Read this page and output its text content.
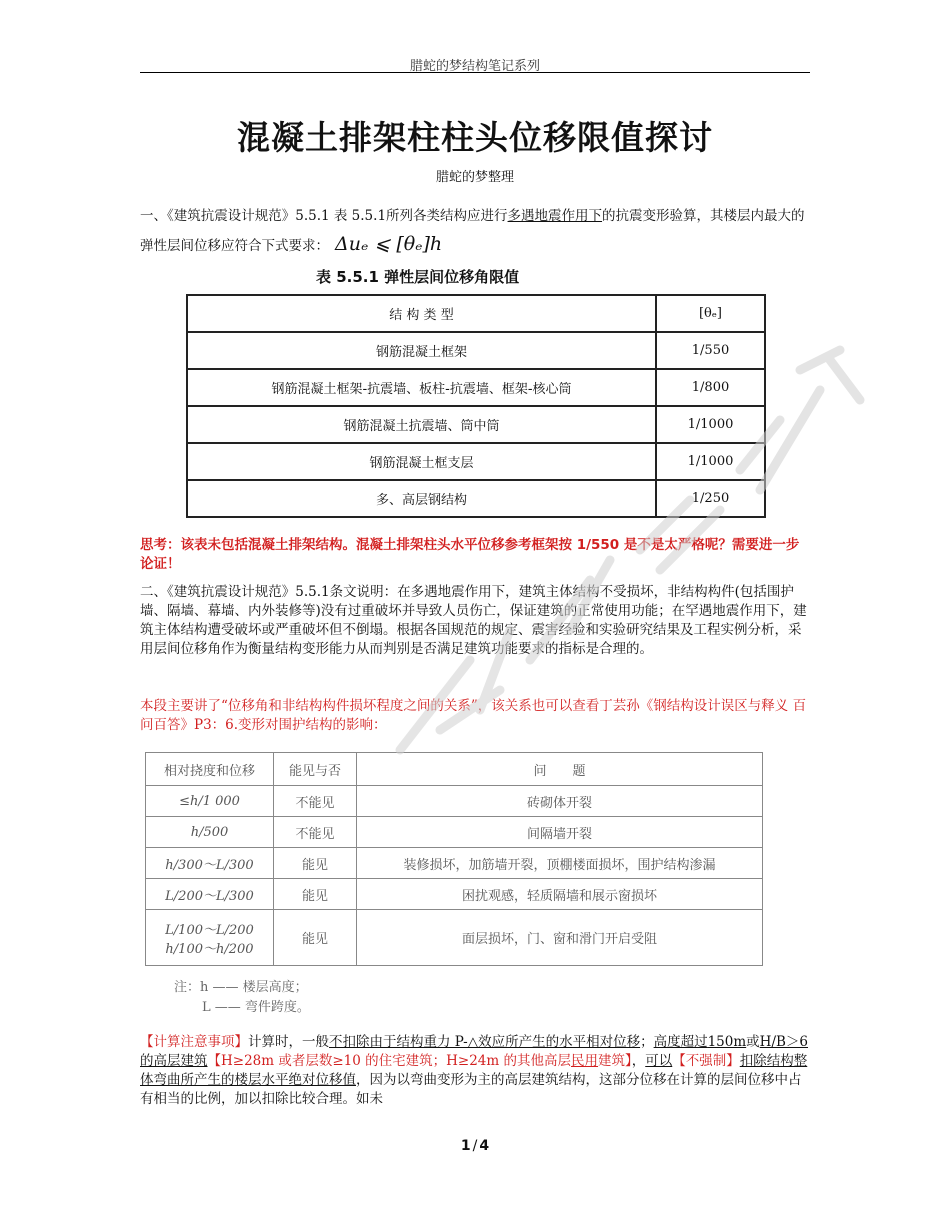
腊蛇的梦结构笔记系列
混凝土排架柱柱头位移限值探讨
腊蛇的梦整理
一、《建筑抗震设计规范》5.5.1 表 5.5.1所列各类结构应进行多遇地震作用下的抗震变形验算，其楼层内最大的弹性层间位移应符合下式要求： Δuₑ ⩽ [θₑ]h
表 5.5.1 弹性层间位移角限值
结 构 类 型	[θₑ]
钢筋混凝土框架	1/550
钢筋混凝土框架-抗震墙、板柱-抗震墙、框架-核心筒	1/800
钢筋混凝土抗震墙、筒中筒	1/1000
钢筋混凝土框支层	1/1000
多、高层钢结构	1/250
思考：该表未包括混凝土排架结构。混凝土排架柱头水平位移参考框架按 1/550 是不是太严格呢？需要进一步论证！
二、《建筑抗震设计规范》5.5.1条文说明：在多遇地震作用下，建筑主体结构不受损坏，非结构构件(包括围护墙、隔墙、幕墙、内外装修等)没有过重破坏并导致人员伤亡，保证建筑的正常使用功能；在罕遇地震作用下，建筑主体结构遭受破坏或严重破坏但不倒塌。根据各国规范的规定、震害经验和实验研究结果及工程实例分析，采用层间位移角作为衡量结构变形能力从而判别是否满足建筑功能要求的指标是合理的。
本段主要讲了“位移角和非结构构件损坏程度之间的关系”，该关系也可以查看丁芸孙《钢结构设计误区与释义 百问百答》P3：6.变形对围护结构的影响：
相对挠度和位移	能见与否	问　　题
≤h/1 000	不能见	砖砌体开裂
h/500	不能见	间隔墙开裂
h/300～L/300	能见	装修损坏，加筋墙开裂，顶棚楼面损坏，围护结构渗漏
L/200～L/300	能见	困扰观感，轻质隔墙和展示窗损坏

L/100～L/200
h/100～h/200	能见	面层损坏，门、窗和滑门开启受阻
注：h —— 楼层高度；
L —— 弯件跨度。
【计算注意事项】计算时，一般不扣除由于结构重力 P-△效应所产生的水平相对位移；高度超过150m或H/B＞6的高层建筑【H≥28m 或者层数≥10 的住宅建筑；H≥24m 的其他高层民用建筑】，可以【不强制】扣除结构整体弯曲所产生的楼层水平绝对位移值，因为以弯曲变形为主的高层建筑结构，这部分位移在计算的层间位移中占有相当的比例，加以扣除比较合理。如未
1 / 4
